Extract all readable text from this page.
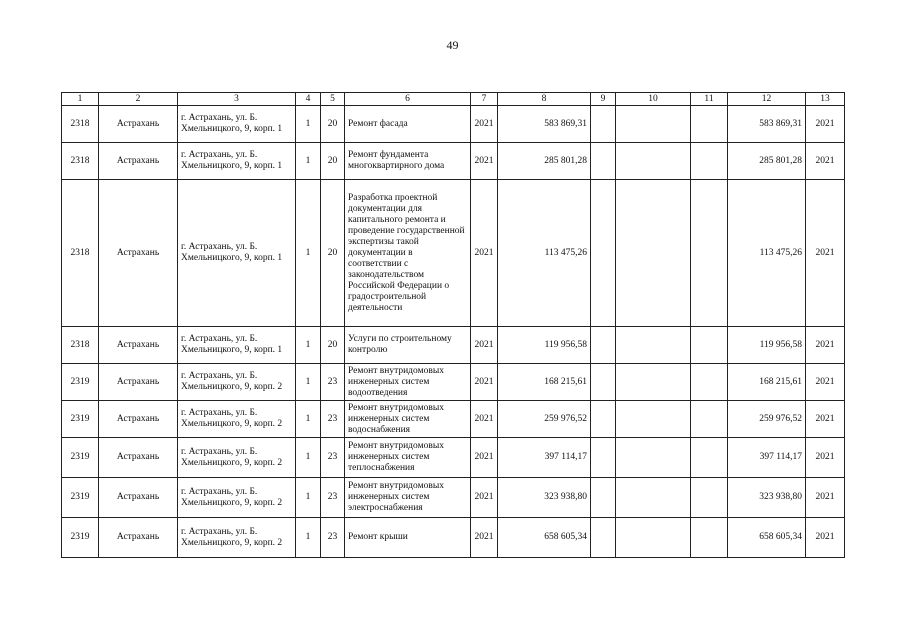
49
1	2	3	4	5	6	7	8	9	10	11	12	13
2318	Астрахань	г. Астрахань, ул. Б. Хмельницкого, 9, корп. 1	1	20	Ремонт фасада	2021	583 869,31				583 869,31	2021
2318	Астрахань	г. Астрахань, ул. Б. Хмельницкого, 9, корп. 1	1	20	Ремонт фундамента многоквартирного дома	2021	285 801,28				285 801,28	2021
2318	Астрахань	г. Астрахань, ул. Б. Хмельницкого, 9, корп. 1	1	20	Разработка проектной документации для капитального ремонта и проведение государственной экспертизы такой документации в соответствии с законодательством Российской Федерации о градостроительной деятельности	2021	113 475,26				113 475,26	2021
2318	Астрахань	г. Астрахань, ул. Б. Хмельницкого, 9, корп. 1	1	20	Услуги по строительному контролю	2021	119 956,58				119 956,58	2021
2319	Астрахань	г. Астрахань, ул. Б. Хмельницкого, 9, корп. 2	1	23	Ремонт внутридомовых инженерных систем водоотведения	2021	168 215,61				168 215,61	2021
2319	Астрахань	г. Астрахань, ул. Б. Хмельницкого, 9, корп. 2	1	23	Ремонт внутридомовых инженерных систем водоснабжения	2021	259 976,52				259 976,52	2021
2319	Астрахань	г. Астрахань, ул. Б. Хмельницкого, 9, корп. 2	1	23	Ремонт внутридомовых инженерных систем теплоснабжения	2021	397 114,17				397 114,17	2021
2319	Астрахань	г. Астрахань, ул. Б. Хмельницкого, 9, корп. 2	1	23	Ремонт внутридомовых инженерных систем электроснабжения	2021	323 938,80				323 938,80	2021
2319	Астрахань	г. Астрахань, ул. Б. Хмельницкого, 9, корп. 2	1	23	Ремонт крыши	2021	658 605,34				658 605,34	2021
